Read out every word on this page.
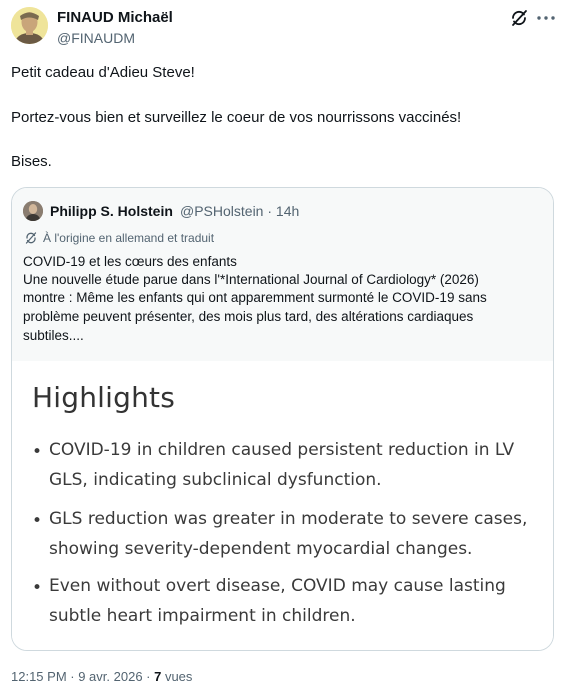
FINAUD Michaël
@FINAUDM
Petit cadeau d'Adieu Steve!
Portez-vous bien et surveillez le coeur de vos nourrissons vaccinés!
Bises.
Philipp S. Holstein @PSHolstein · 14h
À l'origine en allemand et traduit
COVID-19 et les cœurs des enfants
Une nouvelle étude parue dans l'*International Journal of Cardiology* (2026)
montre : Même les enfants qui ont apparemment surmonté le COVID-19 sans
problème peuvent présenter, des mois plus tard, des altérations cardiaques
subtiles....
Highlights
• COVID-19 in children caused persistent reduction in LV
GLS, indicating subclinical dysfunction.
• GLS reduction was greater in moderate to severe cases,
showing severity-dependent myocardial changes.
• Even without overt disease, COVID may cause lasting
subtle heart impairment in children.
12:15 PM · 9 avr. 2026 · 7 vues
